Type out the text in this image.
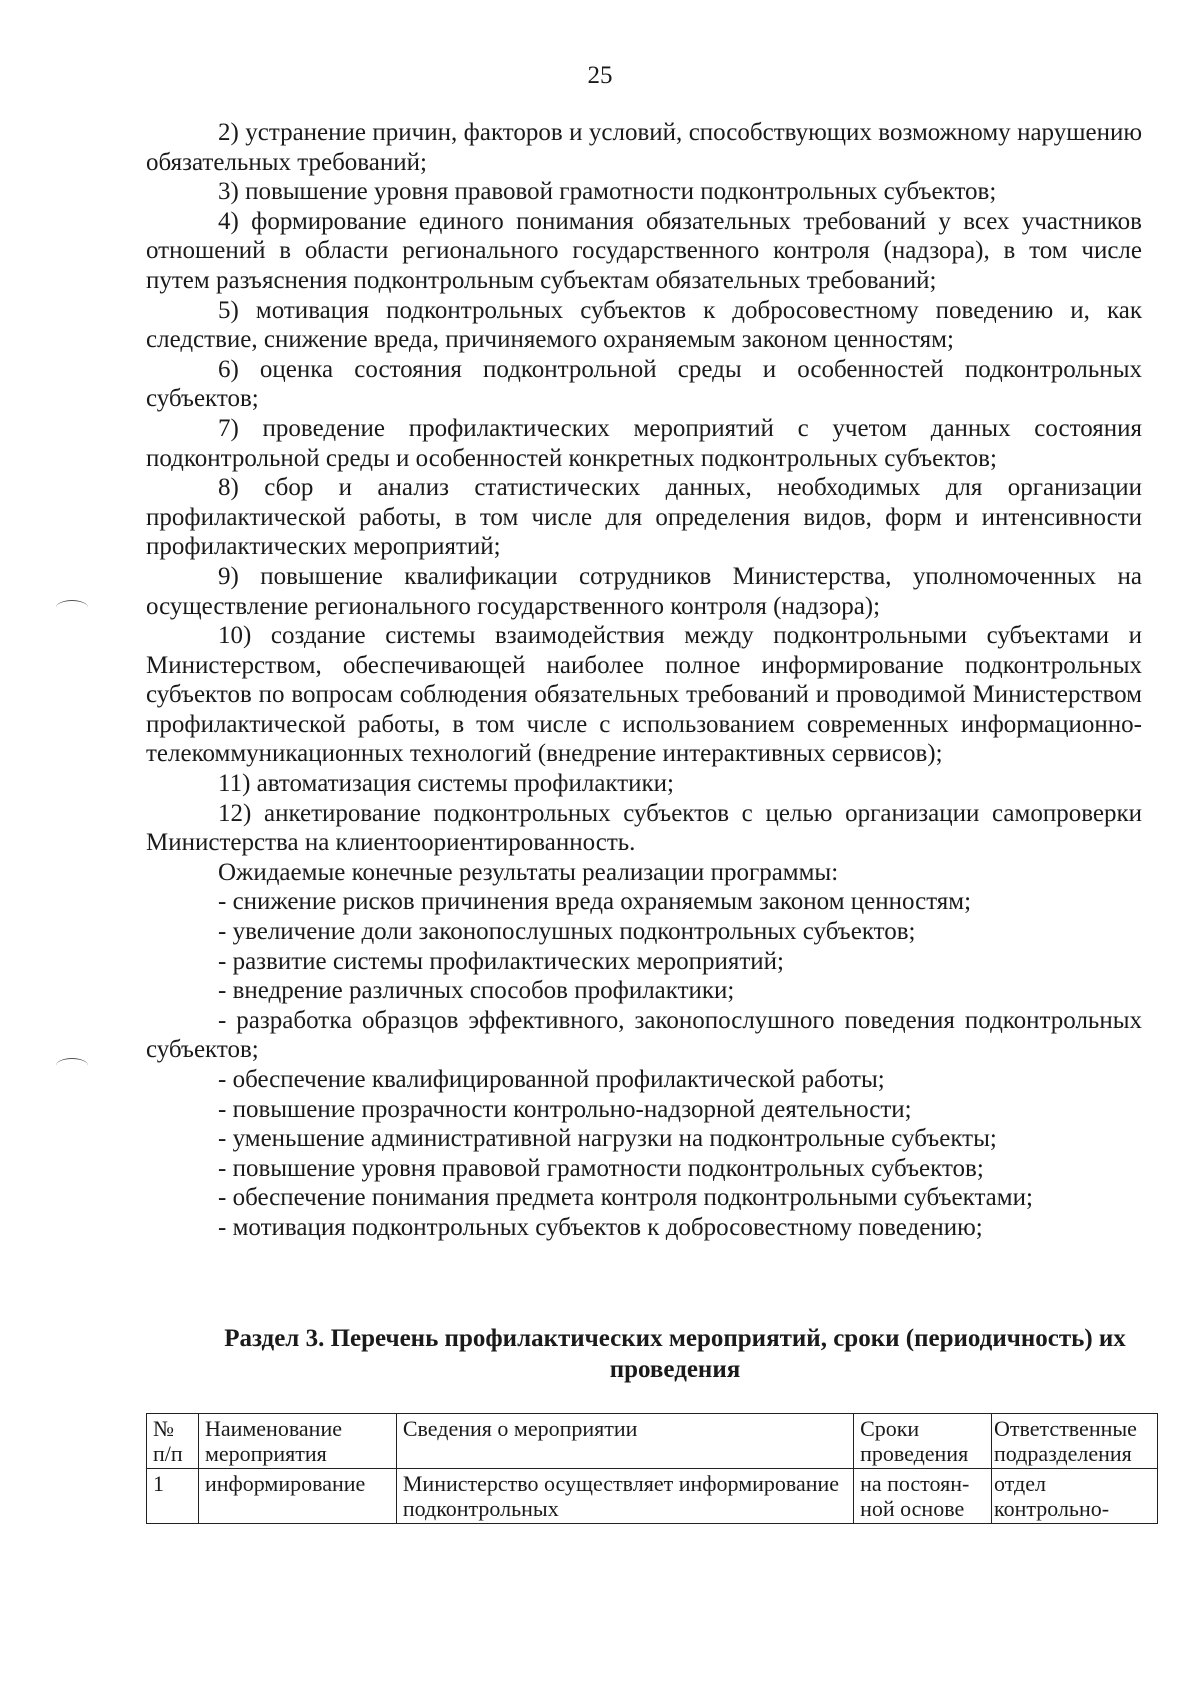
25

2) устранение причин, факторов и условий, способствующих возможному нарушению обязательных требований;

3) повышение уровня правовой грамотности подконтрольных субъектов;

4) формирование единого понимания обязательных требований у всех участников отношений в области регионального государственного контроля (надзора), в том числе путем разъяснения подконтрольным субъектам обязательных требований;

5) мотивация подконтрольных субъектов к добросовестному поведению и, как следствие, снижение вреда, причиняемого охраняемым законом ценностям;

6) оценка состояния подконтрольной среды и особенностей подконтрольных субъектов;

7) проведение профилактических мероприятий с учетом данных состояния подконтрольной среды и особенностей конкретных подконтрольных субъектов;

8) сбор и анализ статистических данных, необходимых для организации профилактической работы, в том числе для определения видов, форм и интенсивности профилактических мероприятий;

9) повышение квалификации сотрудников Министерства, уполномоченных на осуществление регионального государственного контроля (надзора);

10) создание системы взаимодействия между подконтрольными субъектами и Министерством, обеспечивающей наиболее полное информирование подконтрольных субъектов по вопросам соблюдения обязательных требований и проводимой Министерством профилактической работы, в том числе с использованием современных информационно-телекоммуникационных технологий (внедрение интерактивных сервисов);

11) автоматизация системы профилактики;

12) анкетирование подконтрольных субъектов с целью организации самопроверки Министерства на клиентоориентированность.

Ожидаемые конечные результаты реализации программы:

- снижение рисков причинения вреда охраняемым законом ценностям;

- увеличение доли законопослушных подконтрольных субъектов;

- развитие системы профилактических мероприятий;

- внедрение различных способов профилактики;

- разработка образцов эффективного, законопослушного поведения подконтрольных субъектов;

- обеспечение квалифицированной профилактической работы;

- повышение прозрачности контрольно-надзорной деятельности;

- уменьшение административной нагрузки на подконтрольные субъекты;

- повышение уровня правовой грамотности подконтрольных субъектов;

- обеспечение понимания предмета контроля подконтрольными субъектами;

- мотивация подконтрольных субъектов к добросовестному поведению;

Раздел 3. Перечень профилактических мероприятий, сроки (периодичность) их проведения
№ п/п	Наименование мероприятия	Сведения о мероприятии	Сроки проведения	Ответственные подразделения
1	информирование	Министерство осуществляет информирование подконтрольных	на постоян-ной основе	отдел контрольно-
